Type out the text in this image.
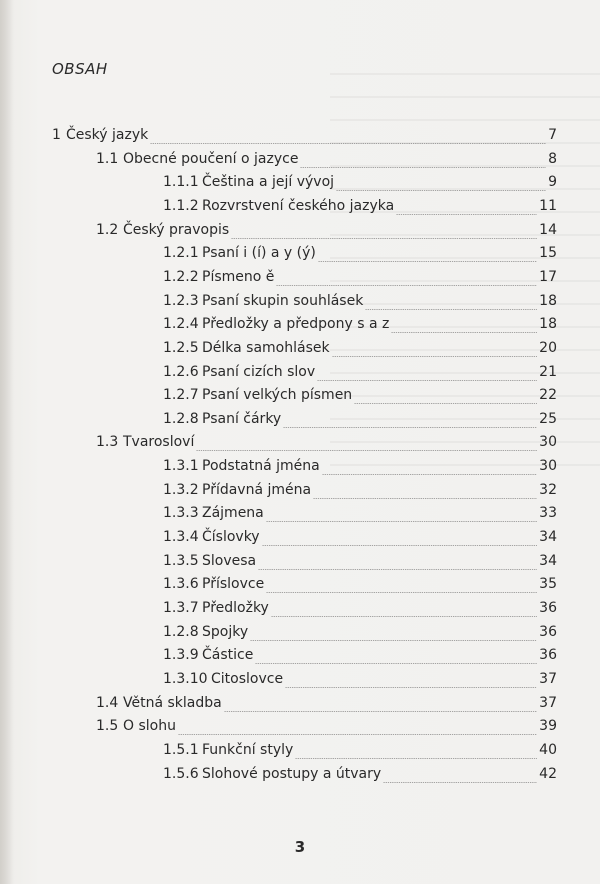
OBSAH
1 Český jazyk	7
1.1 Obecné poučení o jazyce	8
1.1.1 Čeština a její vývoj	9
1.1.2 Rozvrstvení českého jazyka	11
1.2 Český pravopis	14
1.2.1 Psaní i (í) a y (ý)	15
1.2.2 Písmeno ě	17
1.2.3 Psaní skupin souhlásek	18
1.2.4 Předložky a předpony s a z	18
1.2.5 Délka samohlásek	20
1.2.6 Psaní cizích slov	21
1.2.7 Psaní velkých písmen	22
1.2.8 Psaní čárky	25
1.3 Tvarosloví	30
1.3.1 Podstatná jména	30
1.3.2 Přídavná jména	32
1.3.3 Zájmena	33
1.3.4 Číslovky	34
1.3.5 Slovesa	34
1.3.6 Příslovce	35
1.3.7 Předložky	36
1.2.8 Spojky	36
1.3.9 Částice	36
1.3.10 Citoslovce	37
1.4 Větná skladba	37
1.5 O slohu	39
1.5.1 Funkční styly	40
1.5.6 Slohové postupy a útvary	42
3
